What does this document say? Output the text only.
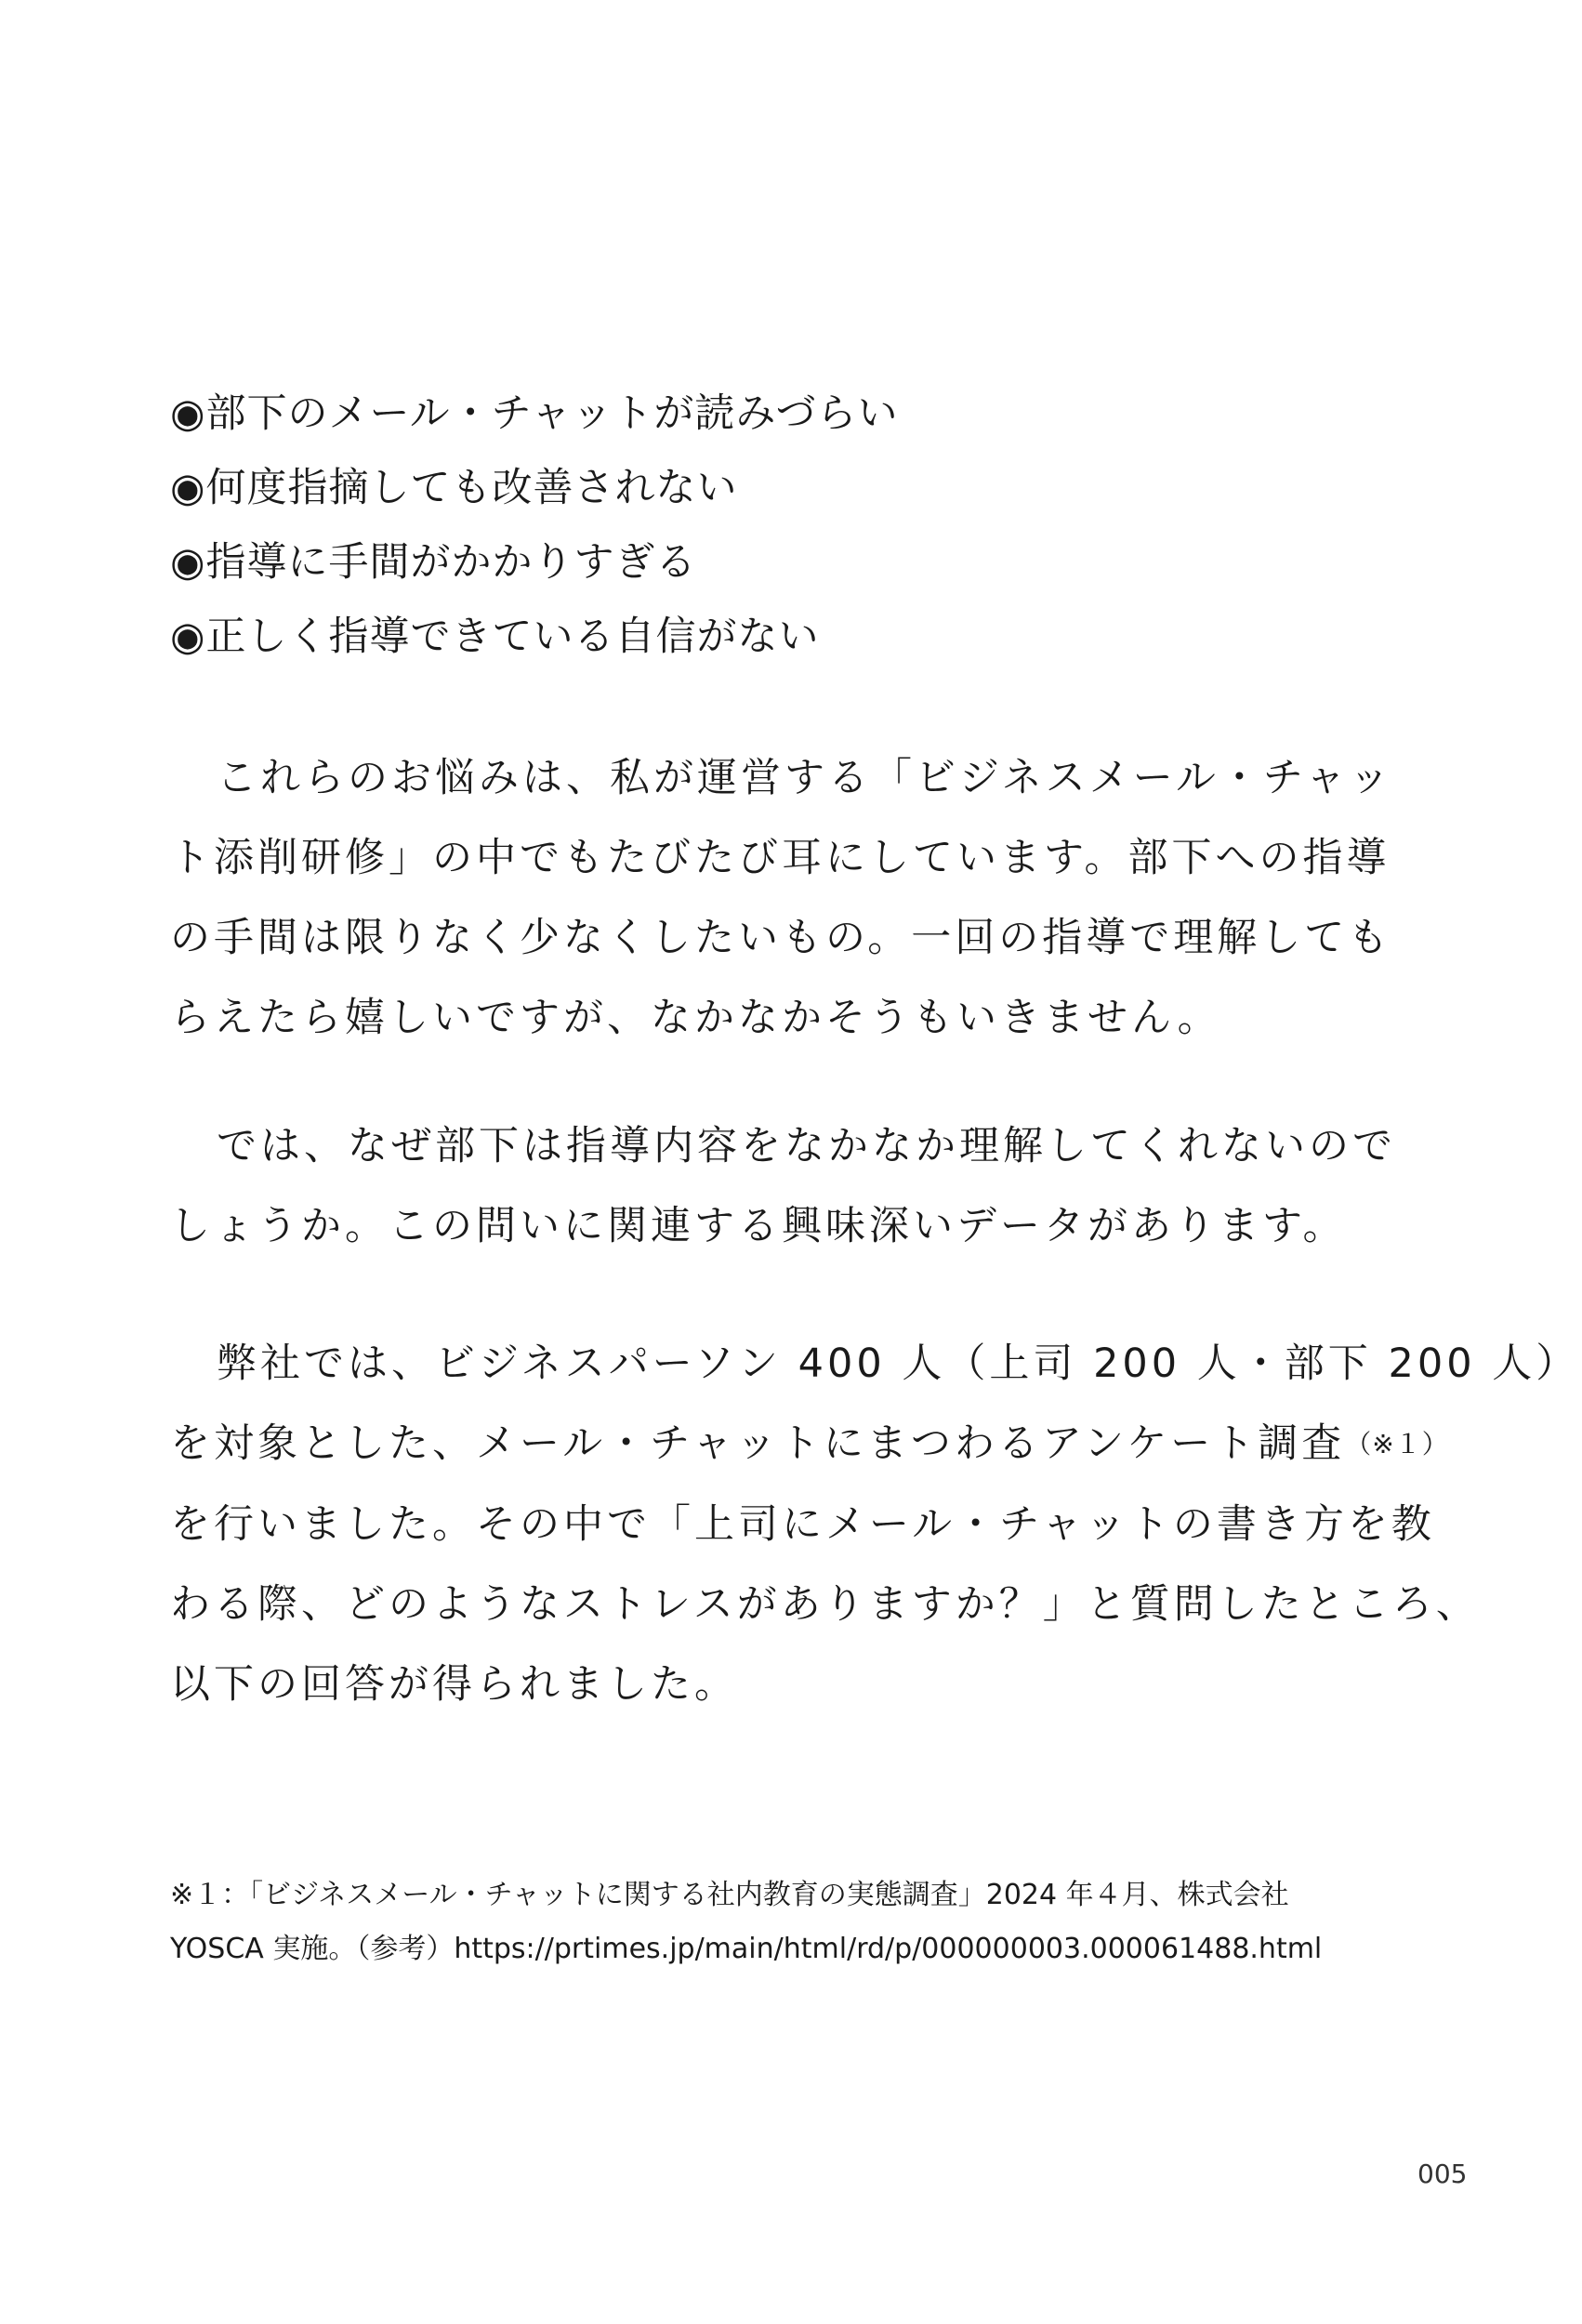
◉部下のメール・チャットが読みづらい
◉何度指摘しても改善されない
◉指導に手間がかかりすぎる
◉正しく指導できている自信がない

これらのお悩みは、私が運営する「ビジネスメール・チャッ
ト添削研修」の中でもたびたび耳にしています。部下への指導
の手間は限りなく少なくしたいもの。一回の指導で理解しても
らえたら嬉しいですが、なかなかそうもいきません。

では、なぜ部下は指導内容をなかなか理解してくれないので
しょうか。この問いに関連する興味深いデータがあります。

弊社では、ビジネスパーソン 400 人（上司 200 人・部下 200 人）
を対象とした、メール・チャットにまつわるアンケート調査（※１）
を行いました。その中で「上司にメール・チャットの書き方を教
わる際、どのようなストレスがありますか？」と質問したところ、
以下の回答が得られました。

※１：「ビジネスメール・チャットに関する社内教育の実態調査」2024 年４月、株式会社
YOSCA 実施。（参考）https://prtimes.jp/main/html/rd/p/000000003.000061488.html

005
